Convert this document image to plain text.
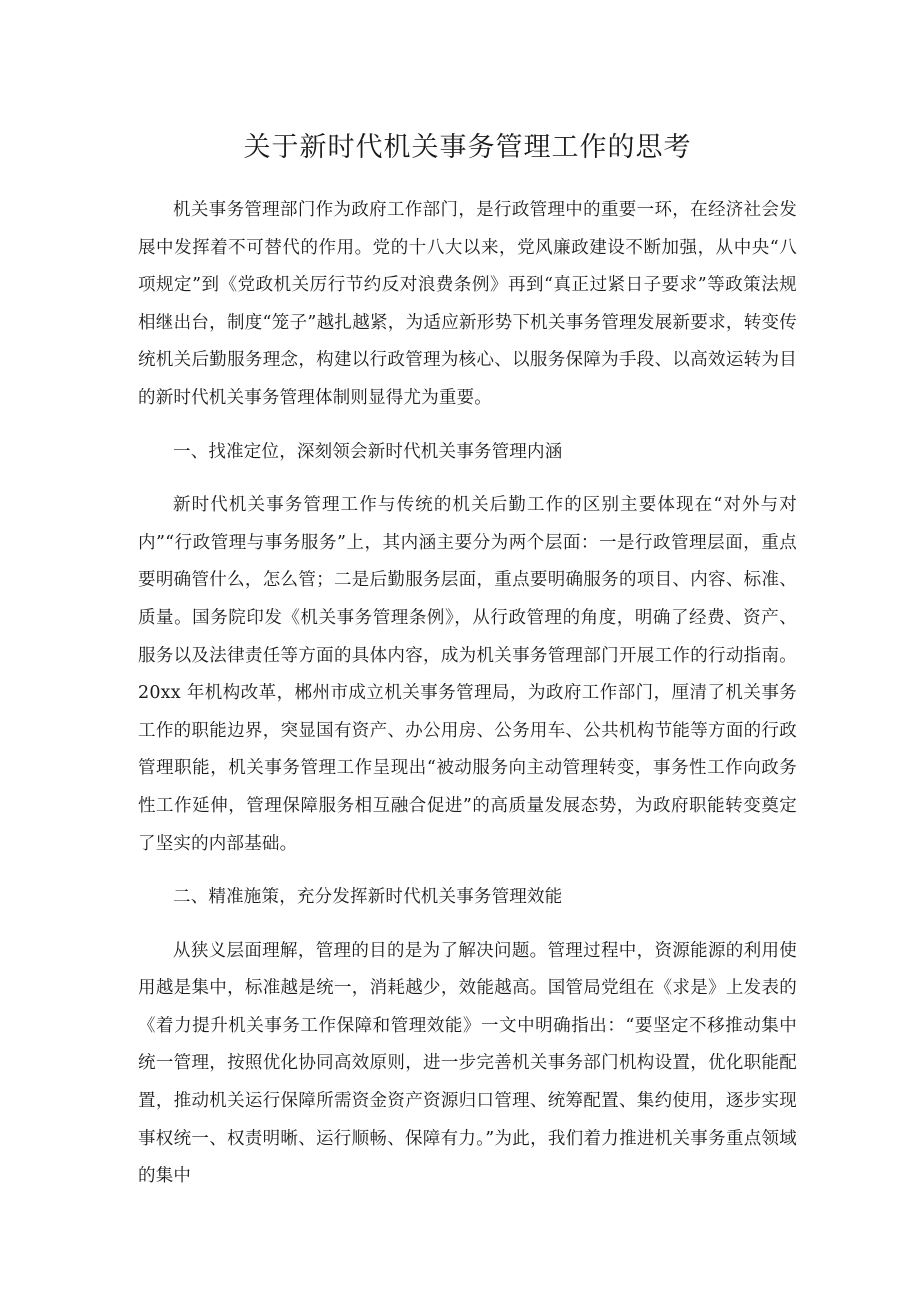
关于新时代机关事务管理工作的思考

机关事务管理部门作为政府工作部门，是行政管理中的重要一环，在经济社会发展中发挥着不可替代的作用。党的十八大以来，党风廉政建设不断加强，从中央“八项规定”到《党政机关厉行节约反对浪费条例》再到“真正过紧日子要求”等政策法规相继出台，制度“笼子”越扎越紧，为适应新形势下机关事务管理发展新要求，转变传统机关后勤服务理念，构建以行政管理为核心、以服务保障为手段、以高效运转为目的新时代机关事务管理体制则显得尤为重要。

一、找准定位，深刻领会新时代机关事务管理内涵

新时代机关事务管理工作与传统的机关后勤工作的区别主要体现在“对外与对内”“行政管理与事务服务”上，其内涵主要分为两个层面：一是行政管理层面，重点要明确管什么，怎么管；二是后勤服务层面，重点要明确服务的项目、内容、标准、质量。国务院印发《机关事务管理条例》，从行政管理的角度，明确了经费、资产、服务以及法律责任等方面的具体内容，成为机关事务管理部门开展工作的行动指南。20xx 年机构改革，郴州市成立机关事务管理局，为政府工作部门，厘清了机关事务工作的职能边界，突显国有资产、办公用房、公务用车、公共机构节能等方面的行政管理职能，机关事务管理工作呈现出“被动服务向主动管理转变，事务性工作向政务性工作延伸，管理保障服务相互融合促进”的高质量发展态势，为政府职能转变奠定了坚实的内部基础。

二、精准施策，充分发挥新时代机关事务管理效能

从狭义层面理解，管理的目的是为了解决问题。管理过程中，资源能源的利用使用越是集中，标准越是统一，消耗越少，效能越高。国管局党组在《求是》上发表的《着力提升机关事务工作保障和管理效能》一文中明确指出：“要坚定不移推动集中统一管理，按照优化协同高效原则，进一步完善机关事务部门机构设置，优化职能配置，推动机关运行保障所需资金资产资源归口管理、统筹配置、集约使用，逐步实现事权统一、权责明晰、运行顺畅、保障有力。”为此，我们着力推进机关事务重点领域的集中
